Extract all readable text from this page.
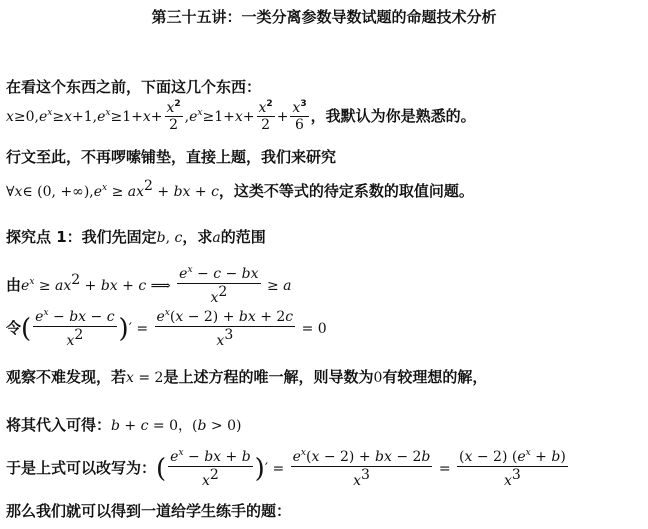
第三十五讲：一类分离参数导数试题的命题技术分析
在看这个东西之前，下面这几个东西：
$x\ge 0,e^x\ge x+1,e^x\ge 1+x+ \frac{x^2}{2} ,e^x\ge 1+x+ \frac{x^2}{2} + \frac{x^3}{6}$ ，我默认为你是熟悉的。
行文至此，不再啰嗦铺垫，直接上题，我们来研究
∀x∈ (0, $+\infty),e^x \ge ax^2$ + bx + c，这类不等式的待定系数的取值问题。
探究点 1：我们先固定b, c，求a的范围
由$e^x \ge ax^2$ + bx + c ⟹ $\frac{e^x - c - bx}{x^2} \ge a$
令( $\frac{e^x - bx - c}{x^2}$ )′ = $\frac{e^x(x - 2) + bx + 2c}{x^3} = 0$
观察不难发现，若x = 2是上述方程的唯一解，则导数为0有较理想的解，
将其代入可得：b + c = 0，(b > 0)
于是上式可以改写为：( $\frac{e^x - bx + b}{x^2}$ )′ = $\frac{e^x(x - 2) + bx - 2b}{x^3} = \frac{(x - 2) (e^x + b)}{x^3}$
那么我们就可以得到一道给学生练手的题：
